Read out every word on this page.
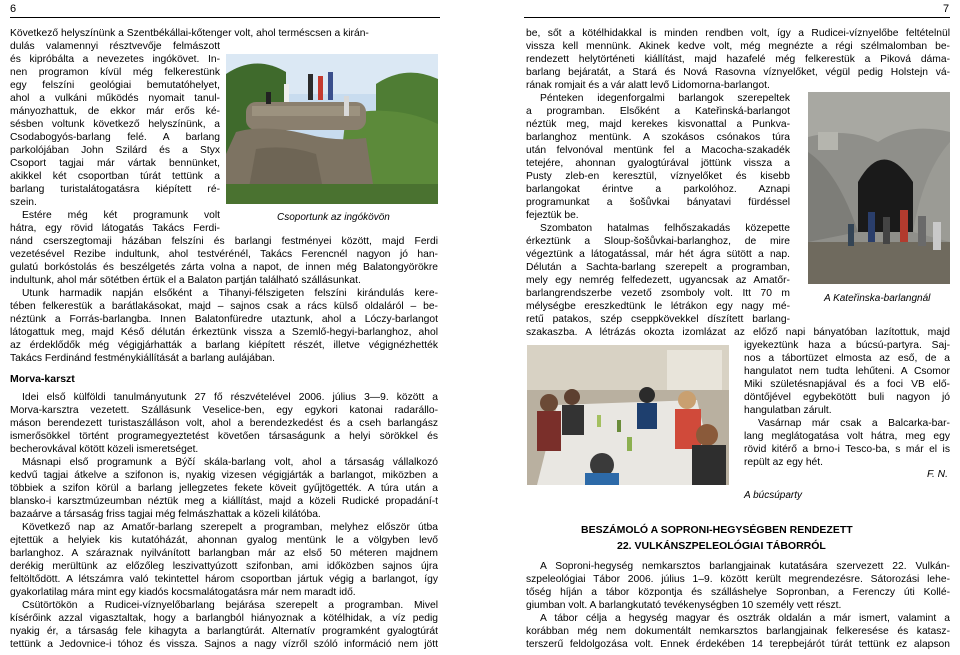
6	7
Következő helyszínünk a Szentbékállai-kőtenger volt, ahol terméscsen a kirán-
dulás valamennyi résztvevője felmászott
és kipróbálta a nevezetes ingókövet. In-
nen programon kívül még felkerestünk
egy felszíni geológiai bemutatóhelyet,
ahol a vulkáni működés nyomait tanul-
mányozhattuk, de ekkor már erős ké-
sésben voltunk következő helyszínünk, a
Csodabogyós-barlang felé. A barlang
parkolójában John Szilárd és a Styx
Csoport tagjai már vártak bennünket,
akikkel két csoportban túrát tettünk a
barlang turistalátogatásra kiépített ré-
szein.
Estére még két programunk volt
hátra, egy rövid látogatás Takács Ferdi-
Csoportunk az ingókövön
nánd cserszegtomaji házában felszíni és barlangi festményei között, majd Ferdi
vezetésével Rezibe indultunk, ahol testvérénél, Takács Ferencnél nagyon jó han-
gulatú borkóstolás és beszélgetés zárta volna a napot, de innen még Balatongyörökre
indultunk, ahol már sötétben értük el a Balaton partján található szállásunkat.
Utunk harmadik napján elsőként a Tihanyi-félszigeten felszíni kirándulás kere-
tében felkerestük a barátlakásokat, majd – sajnos csak a rács külső oldaláról – be-
néztünk a Forrás-barlangba. Innen Balatonfüredre utaztunk, ahol a Lóczy-barlangot
látogattuk meg, majd Késő délután érkeztünk vissza a Szemlő-hegyi-barlanghoz, ahol
az érdeklődők még végigjárhatták a barlang kiépített részét, illetve végignézhették
Takács Ferdinánd festménykiállítását a barlang aulájában.
Morva-karszt
Idei első külföldi tanulmányutunk 27 fő részvételével 2006. július 3—9. között a
Morva-karsztra vezetett. Szállásunk Veselice-ben, egy egykori katonai radarállo-
máson berendezett turistaszálláson volt, ahol a berendezkedést és a cseh barlangász
ismerősökkel történt programegyeztetést követően társaságunk a helyi sörökkel és
becherovkával kötött közeli ismeretséget.
Másnapi első programunk a Býčí skála-barlang volt, ahol a társaság vállalkozó
kedvű tagjai átkelve a szifonon is, nyakig vizesen végigjárták a barlangot, miközben a
többiek a szifon körül a barlang jellegzetes fekete köveit gyűjtögették. A túra után a
blansko-i karsztmúzeumban néztük meg a kiállítást, majd a közeli Rudické propadání-t
bazaárve a társaság friss tagjai még felmászhattak a közeli kilátóba.
Következő nap az Amatőr-barlang szerepelt a programban, melyhez először útba
ejtettük a helyiek kis kutatóházát, ahonnan gyalog mentünk le a völgyben levő
barlanghoz. A száraznak nyilvánított barlangban már az első 50 méteren majdnem
derékig merültünk az előzőleg leszivattyúzott szifonban, ami időközben sajnos újra
feltöltődött. A létszámra való tekintettel három csoportban jártuk végig a barlangot, így
gyakorlatilag mára mint egy kiadós kocsmalátogatásra már nem maradt idő.
Csütörtökön a Rudicei-víznyelőbarlang bejárása szerepelt a programban. Mivel
kísérőink azzal vigasztaltak, hogy a barlangból hiányoznak a kötélhidak, a víz pedig
nyakig ér, a társaság fele kihagyta a barlangtúrát. Alternatív programként gyalogtúrát
tettünk a Jedovnice-i tóhoz és vissza. Sajnos a nagy vízről szóló információ nem jött
be, sőt a kötélhidakkal is minden rendben volt, így a Rudicei-víznyelőbe feltételnül
vissza kell mennünk. Akinek kedve volt, még megnézte a régi szélmalomban be-
rendezett helytörténeti kiállítást, majd hazafelé még felkerestük a Piková dáma-
barlang bejáratát, a Stará és Nová Rasovna víznyelőket, végül pedig Holstejn vá-
rának romjait és a vár alatt levő Lidomorna-barlangot.
Pénteken idegenforgalmi barlangok szerepeltek
a programban. Elsőként a Kateřinská-barlangot
néztük meg, majd kerekes kisvonattal a Punkva-
barlanghoz mentünk. A szokásos csónakos túra
után felvonóval mentünk fel a Macocha-szakadék
tetejére, ahonnan gyalogtúrával jöttünk vissza a
Pusty zleb-en keresztül, víznyelőket és kisebb
barlangokat érintve a parkolóhoz. Aznapi
programunkat a šošůvkai bányatavi fürdéssel
fejeztük be.
Szombaton hatalmas felhőszakadás közepette
érkeztünk a Sloup-šošůvkai-barlanghoz, de mire
végeztünk a látogatással, már hét ágra sütött a nap.
Délután a Sachta-barlang szerepelt a programban,
mely egy nemrég felfedezett, ugyancsak az Amatőr-
barlangrendszerbe vezető zsomboly volt. Itt 70 m
mélységbe ereszkedtünk le létrákon egy nagy mé-
retű patakos, szép cseppkövekkel díszített barlang-
A Kateřinska-barlangnál
szakaszba. A létrázás okozta izomlázat az előző napi bányatóban lazítottuk, majd
igyekeztünk haza a búcsú-partyra. Saj-
nos a tábortüzet elmosta az eső, de a
hangulatot nem tudta lehűteni. A Csomor
Miki születésnapjával és a foci VB elő-
döntőjével egybekötött buli nagyon jó
hangulatban zárult.
Vasárnap már csak a Balcarka-bar-
lang meglátogatása volt hátra, meg egy
rövid kitérő a brno-i Tesco-ba, s már el is
repült az egy hét.
F. N.
A búcsúparty
BESZÁMOLÓ A SOPRONI-HEGYSÉGBEN RENDEZETT
22. VULKÁNSZPELEOLÓGIAI TÁBORRÓL
A Soproni-hegység nemkarsztos barlangjainak kutatására szervezett 22. Vulkán-
szpeleológiai Tábor 2006. július 1–9. között került megrendezésre. Sátorozási lehe-
tőség híján a tábor központja és szálláshelye Sopronban, a Ferenczy úti Kollé-
giumban volt. A barlangkutató tevékenységben 10 személy vett részt.
A tábor célja a hegység magyar és osztrák oldalán a már ismert, valamint a
korábban még nem dokumentált nemkarsztos barlangjainak felkeresése és katasz-
terszerű feldolgozása volt. Ennek érdekében 14 terepbejárót túrát tettünk ez alapson
